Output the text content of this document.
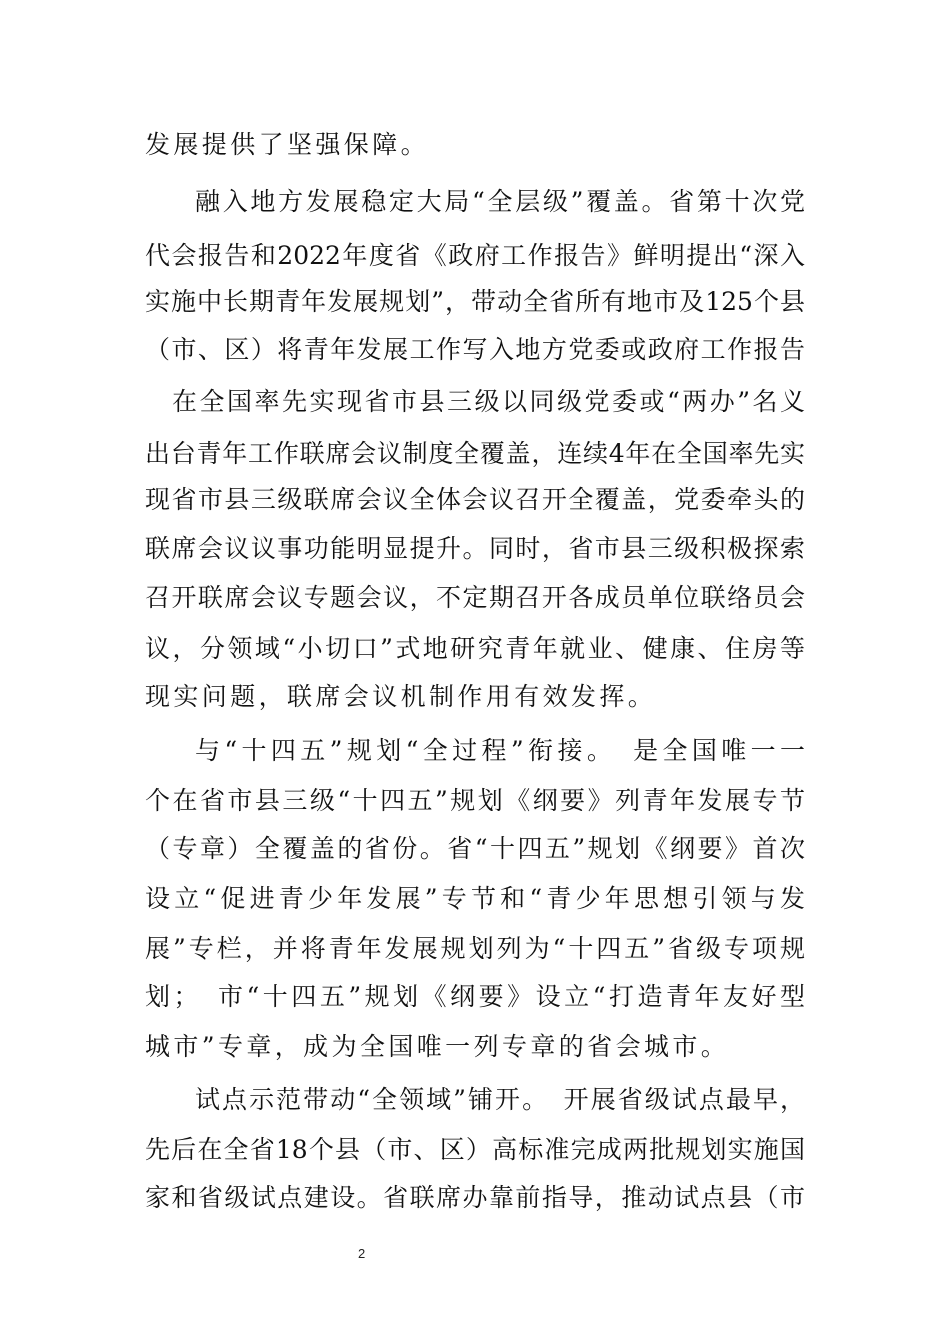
发展提供了坚强保障。
融入地方发展稳定大局“全层级”覆盖。省第十次党
代会报告和2022年度省《政府工作报告》鲜明提出“深入
实施中长期青年发展规划”，带动全省所有地市及125个县
（市、区）将青年发展工作写入地方党委或政府工作报告
在全国率先实现省市县三级以同级党委或“两办”名义
出台青年工作联席会议制度全覆盖，连续4年在全国率先实
现省市县三级联席会议全体会议召开全覆盖，党委牵头的
联席会议议事功能明显提升。同时，省市县三级积极探索
召开联席会议专题会议，不定期召开各成员单位联络员会
议，分领域“小切口”式地研究青年就业、健康、住房等
现实问题，联席会议机制作用有效发挥。
与“十四五”规划“全过程”衔接。　是全国唯一一
个在省市县三级“十四五”规划《纲要》列青年发展专节
（专章）全覆盖的省份。省“十四五”规划《纲要》首次
设立“促进青少年发展”专节和“青少年思想引领与发
展”专栏，并将青年发展规划列为“十四五”省级专项规
划；　市“十四五”规划《纲要》设立“打造青年友好型
城市”专章，成为全国唯一列专章的省会城市。
试点示范带动“全领域”铺开。　开展省级试点最早，
先后在全省18个县（市、区）高标准完成两批规划实施国
家和省级试点建设。省联席办靠前指导，推动试点县（市
2
